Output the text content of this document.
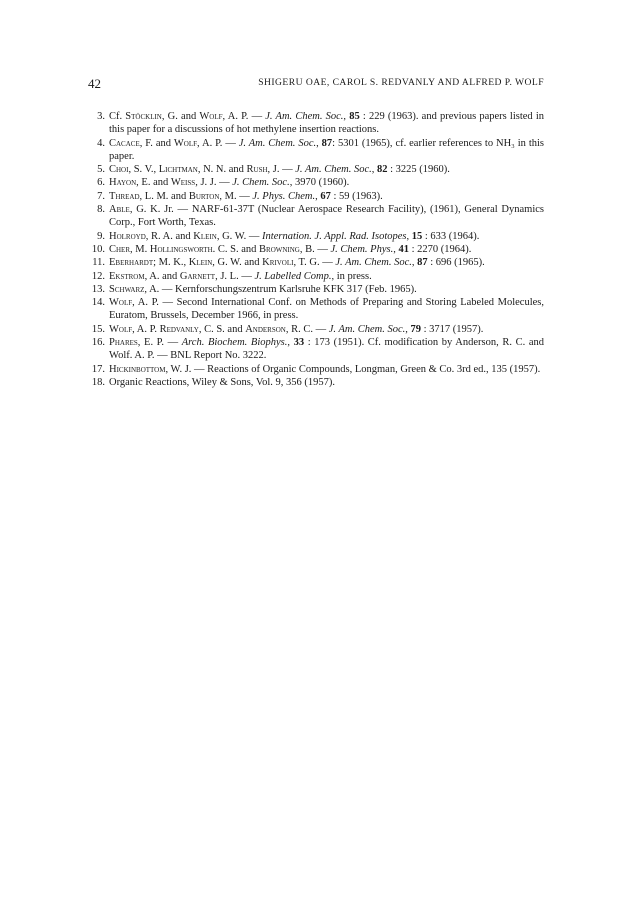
42	SHIGERU OAE, CAROL S. REDVANLY AND ALFRED P. WOLF
3. Cf. Stöcklin, G. and Wolf, A. P. — J. Am. Chem. Soc., 85 : 229 (1963). and previous papers listed in this paper for a discussions of hot methylene insertion reactions.
4. Cacace, F. and Wolf, A. P. — J. Am. Chem. Soc., 87: 5301 (1965), cf. earlier references to NH₃ in this paper.
5. Choi, S. V., Lichtman, N. N. and Rush, J. — J. Am. Chem. Soc., 82 : 3225 (1960).
6. Hayon, E. and Weiss, J. J. — J. Chem. Soc., 3970 (1960).
7. Thread, L. M. and Burton, M. — J. Phys. Chem., 67 : 59 (1963).
8. Able, G. K. Jr. — NARF-61-37T (Nuclear Aerospace Research Facility), (1961), General Dynamics Corp., Fort Worth, Texas.
9. Holroyd, R. A. and Klein, G. W. — Internation. J. Appl. Rad. Isotopes, 15 : 633 (1964).
10. Cher, M. Hollingsworth. C. S. and Browning, B. — J. Chem. Phys., 41 : 2270 (1964).
11. Eberhardt; M. K., Klein, G. W. and Krivoli, T. G. — J. Am. Chem. Soc., 87 : 696 (1965).
12. Ekstrom, A. and Garnett, J. L. — J. Labelled Comp., in press.
13. Schwarz, A. — Kernforschungszentrum Karlsruhe KFK 317 (Feb. 1965).
14. Wolf, A. P. — Second International Conf. on Methods of Preparing and Storing Labeled Molecules, Euratom, Brussels, December 1966, in press.
15. Wolf, A. P. Redvanly, C. S. and Anderson, R. C. — J. Am. Chem. Soc., 79 : 3717 (1957).
16. Phares, E. P. — Arch. Biochem. Biophys., 33 : 173 (1951). Cf. modification by Anderson, R. C. and Wolf. A. P. — BNL Report No. 3222.
17. Hickinbottom, W. J. — Reactions of Organic Compounds, Longman, Green & Co. 3rd ed., 135 (1957).
18. Organic Reactions, Wiley & Sons, Vol. 9, 356 (1957).
